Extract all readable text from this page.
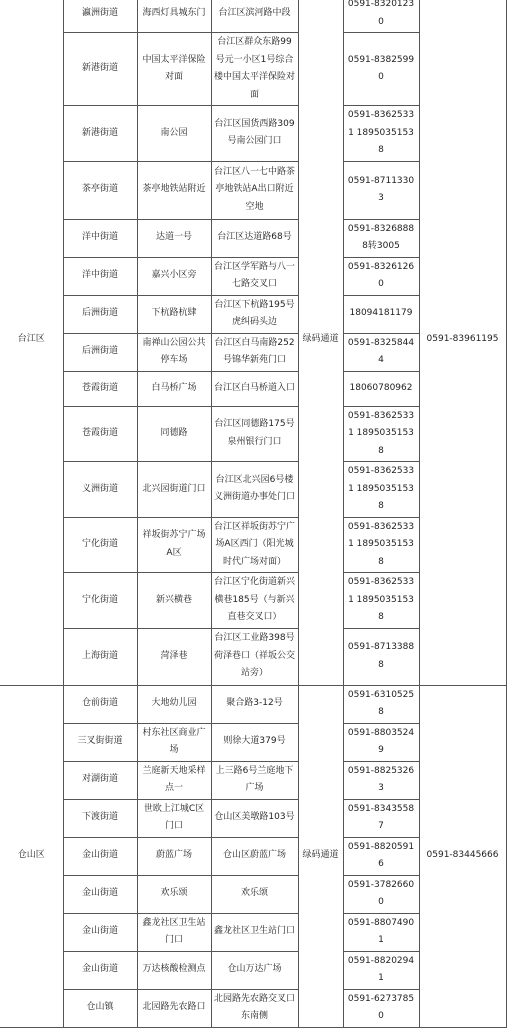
台江区	瀛洲街道	海西灯具城东门	台江区滨河路中段	绿码通道	0591-83201230	0591-83961195
	新港街道	中国太平洋保险对面	台江区群众东路99号元一小区1号综合楼中国太平洋保险对面		0591-83825990	
	新港街道	南公园	台江区国货西路309号南公园门口		0591-83625331 18950351538	
	茶亭街道	茶亭地铁站附近	台江区八一七中路茶亭地铁站A出口附近空地		0591-87113303	
	洋中街道	达道一号	台江区达道路68号		0591-83268888转3005	
	洋中街道	嘉兴小区旁	台江区学军路与八一七路交叉口		0591-83261260	
	后洲街道	下杭路杭肆	台江区下杭路195号虎纠码头边		18094181179	
	后洲街道	南禅山公园公共停车场	台江区白马南路252号锦华新苑门口		0591-83258444	
	苍霞街道	白马桥广场	台江区白马桥道入口		18060780962	
	苍霞街道	同德路	台江区同德路175号泉州银行门口		0591-83625331 18950351538	
	义洲街道	北兴园街道门口	台江区北兴园6号楼义洲街道办事处门口		0591-83625331 18950351538	
	宁化街道	祥坂街苏宁广场A区	台江区祥坂街苏宁广场A区西门（阳光城时代广场对面）		0591-83625331 18950351538	
	宁化街道	新兴横巷	台江区宁化街道新兴横巷185号（与新兴直巷交叉口）		0591-83625331 18950351538	
	上海街道	菏泽巷	台江区工业路398号荷泽巷口（祥坂公交站旁）		0591-87133888	
仓山区	仓前街道	大地幼儿园	聚合路3-12号	绿码通道	0591-63105258	0591-83445666
	三叉街街道	村东社区商业广场	则徐大道379号		0591-88035249	
	对湖街道	兰庭新天地采样点一	上三路6号兰庭地下广场		0591-88253263	
	下渡街道	世欧上江城C区门口	仓山区美墩路103号		0591-83435587	
	金山街道	蔚蓝广场	仓山区蔚蓝广场		0591-88205916	
	金山街道	欢乐颂	欢乐颂		0591-37826600	
	金山街道	鑫龙社区卫生站门口	鑫龙社区卫生站门口		0591-88074901	
	金山街道	万达核酸检测点	仓山万达广场		0591-88202941	
	仓山镇	北园路先农路口	北园路先农路交叉口东南侧		0591-62737850	
